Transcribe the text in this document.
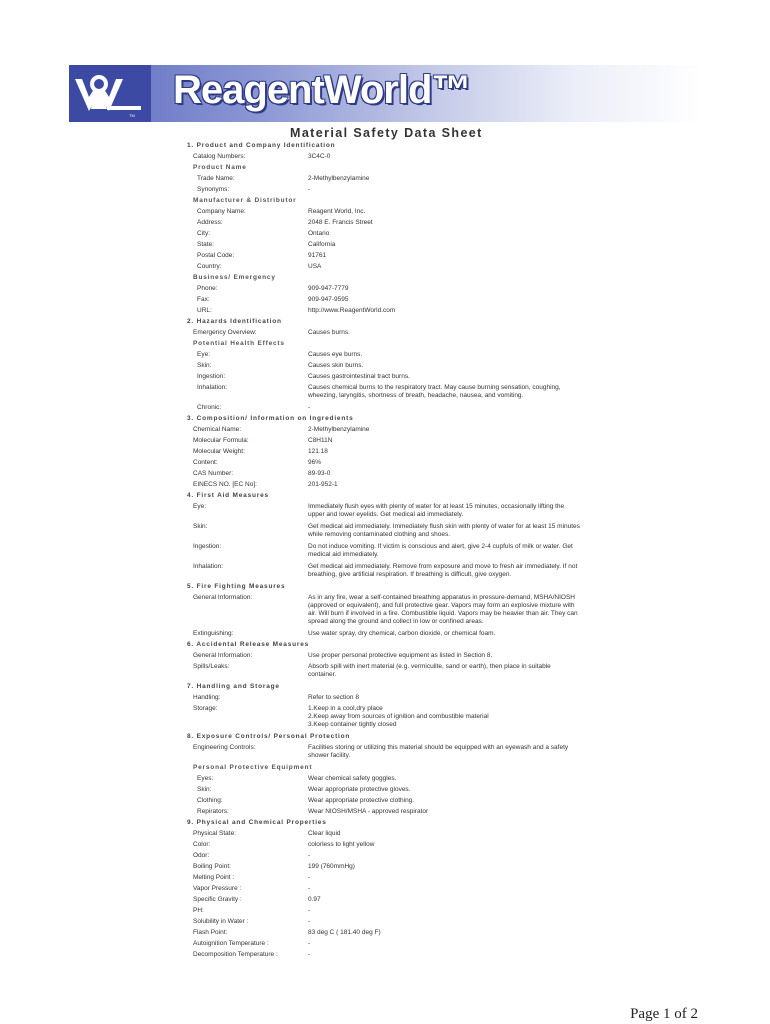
TM
ReagentWorld™
Material Safety Data Sheet
1. Product and Company Identification
Catalog Numbers:	3C4C-0
Product Name
Trade Name:	2-Methylbenzylamine
Synonyms:	-
Manufacturer & Distributor
Company Name:	Reagent World, Inc.
Address:	2048 E. Francis Street
City:	Ontario
State:	California
Postal Code:	91761
Country:	USA
Business/ Emergency
Phone:	909-947-7779
Fax:	909-947-9595
URL:	http://www.ReagentWorld.com
2. Hazards Identification
Emergency Overview:	Causes burns.
Potential Health Effects
Eye:	Causes eye burns.
Skin:	Causes skin burns.
Ingestion:	Causes gastrointestinal tract burns.
Inhalation:	Causes chemical burns to the respiratory tract. May cause burning sensation, coughing, wheezing, laryngitis, shortness of breath, headache, nausea, and vomiting.
Chronic:	-
3. Composition/ Information on Ingredients
Chemical Name:	2-Methylbenzylamine
Molecular Formula:	C8H11N
Molecular Weight:	121.18
Content:	96%
CAS Number:	89-93-0
EINECS NO. [EC No]:	201-952-1
4. First Aid Measures
Eye:	Immediately flush eyes with plenty of water for at least 15 minutes, occasionally lifting the upper and lower eyelids. Get medical aid immediately.
Skin:	Get medical aid immediately. Immediately flush skin with plenty of water for at least 15 minutes while removing contaminated clothing and shoes.
Ingestion:	Do not induce vomiting. If victim is conscious and alert, give 2-4 cupfuls of milk or water. Get medical aid immediately.
Inhalation:	Get medical aid immediately. Remove from exposure and move to fresh air immediately. If not breathing, give artificial respiration. If breathing is difficult, give oxygen.
5. Fire Fighting Measures
General Information:	As in any fire, wear a self-contained breathing apparatus in pressure-demand, MSHA/NIOSH (approved or equivalent), and full protective gear. Vapors may form an explosive mixture with air. Will burn if involved in a fire. Combustible liquid. Vapors may be heavier than air. They can spread along the ground and collect in low or confined areas.
Extinguishing:	Use water spray, dry chemical, carbon dioxide, or chemical foam.
6. Accidental Release Measures
General Information:	Use proper personal protective equipment as listed in Section 8.
Spills/Leaks:	Absorb spill with inert material (e.g. vermiculite, sand or earth), then place in suitable container.
7. Handling and Storage
Handling:	Refer to section 8
Storage:	1.Keep in a cool,dry place
2.Keep away from sources of ignition and combustible material
3.Keep container tightly closed
8. Exposure Controls/ Personal Protection
Engineering Controls:	Facilities storing or utilizing this material should be equipped with an eyewash and a safety shower facility.
Personal Protective Equipment
Eyes:	Wear chemical safety goggles.
Skin:	Wear appropriate protective gloves.
Clothing:	Wear appropriate protective clothing.
Repirators:	Wear NIOSH/MSHA - approved respirator
9. Physical and Chemical Properties
Physical State:	Clear liquid
Color:	colorless to light yellow
Odor:	-
Boiling Point:	199 (760mmHg)
Melting Point :	-
Vapor Pressure :	-
Specific Gravity :	0.97
PH:	-
Solubility in Water :	-
Flash Point:	83 deg C ( 181.40 deg F)
Autoignition Temperature :	-
Decomposition Temperature :	-
Page 1 of 2
